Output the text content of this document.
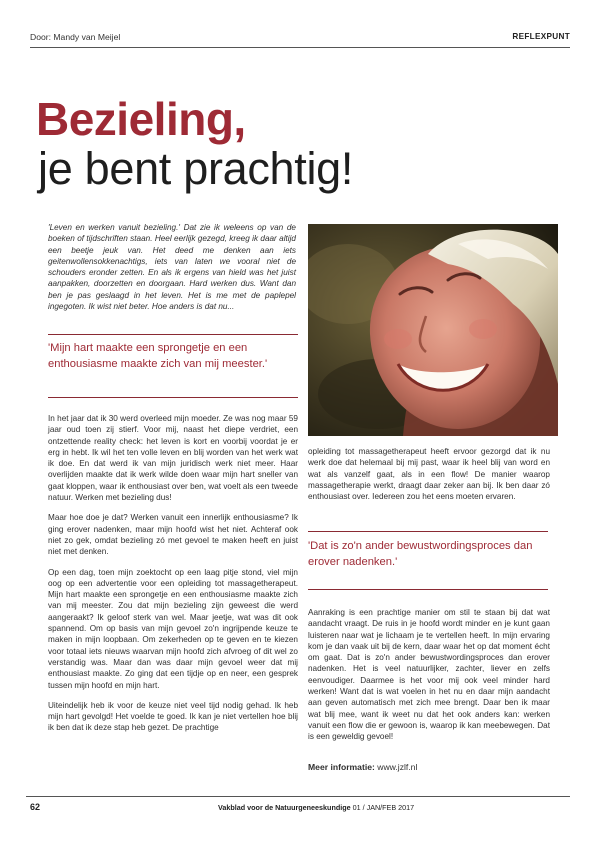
Door: Mandy van Meijel	REFLEXPUNT
Bezieling,
je bent prachtig!

'Leven en werken vanuit bezieling.' Dat zie ik weleens op van de boeken of tijdschriften staan. Heel eerlijk gezegd, kreeg ik daar altijd een beetje jeuk van. Het deed me denken aan iets geitenwollensokkenachtigs, iets van laten we vooral niet de schouders eronder zetten. En als ik ergens van hield was het juist aanpakken, doorzetten en doorgaan. Hard werken dus. Want dan ben je pas geslaagd in het leven. Het is me met de paplepel ingegoten. Ik wist niet beter. Hoe anders is dat nu...

'Mijn hart maakte een sprongetje en een enthousiasme maakte zich van mij meester.'

In het jaar dat ik 30 werd overleed mijn moeder. Ze was nog maar 59 jaar oud toen zij stierf. Voor mij, naast het diepe verdriet, een ontzettende reality check: het leven is kort en voorbij voordat je er erg in hebt. Ik wil het ten volle leven en blij worden van het werk wat ik doe. En dat werd ik van mijn juridisch werk niet meer. Haar overlijden maakte dat ik werk wilde doen waar mijn hart sneller van gaat kloppen, waar ik enthousiast over ben, wat voelt als een tweede natuur. Werken met bezieling dus!

Maar hoe doe je dat? Werken vanuit een innerlijk enthousiasme? Ik ging erover nadenken, maar mijn hoofd wist het niet. Achteraf ook niet zo gek, omdat bezieling zó met gevoel te maken heeft en juist niet met denken.

Op een dag, toen mijn zoektocht op een laag pitje stond, viel mijn oog op een advertentie voor een opleiding tot massagetherapeut. Mijn hart maakte een sprongetje en een enthousiasme maakte zich van mij meester. Zou dat mijn bezieling zijn geweest die werd aangeraakt? Ik geloof sterk van wel. Maar jeetje, wat was dit ook spannend. Om op basis van mijn gevoel zo'n ingrijpende keuze te maken in mijn loopbaan. Om zekerheden op te geven en te kiezen voor totaal iets nieuws waarvan mijn hoofd zich afvroeg of dit wel zo verstandig was. Maar dan was daar mijn gevoel weer dat mij enthousiast maakte. Zo ging dat een tijdje op en neer, een gesprek tussen mijn hoofd en mijn hart.

Uiteindelijk heb ik voor de keuze niet veel tijd nodig gehad. Ik heb mijn hart gevolgd! Het voelde te goed. Ik kan je niet vertellen hoe blij ik ben dat ik deze stap heb gezet. De prachtige

opleiding tot massagetherapeut heeft ervoor gezorgd dat ik nu werk doe dat helemaal bij mij past, waar ik heel blij van word en wat als vanzelf gaat, als in een flow! De manier waarop massagetherapie werkt, draagt daar zeker aan bij. Ik ben daar zó enthousiast over. Iedereen zou het eens moeten ervaren.

'Dat is zo'n ander bewustwordingsproces dan erover nadenken.'

Aanraking is een prachtige manier om stil te staan bij dat wat aandacht vraagt. De ruis in je hoofd wordt minder en je kunt gaan luisteren naar wat je lichaam je te vertellen heeft. In mijn ervaring kom je dan vaak uit bij de kern, daar waar het op dat moment écht om gaat. Dat is zo'n ander bewustwordingsproces dan erover nadenken. Het is veel natuurlijker, zachter, liever en zelfs eenvoudiger. Daarmee is het voor mij ook veel minder hard werken! Want dat is wat voelen in het nu en daar mijn aandacht aan geven automatisch met zich mee brengt. Daar ben ik maar wat blij mee, want ik weet nu dat het ook anders kan: werken vanuit een flow die er gewoon is, waarop ik kan meebewegen. Dat is een geweldig gevoel!

Meer informatie: www.jzlf.nl
62	Vakblad voor de Natuurgeneeskundige 01 / JAN/FEB 2017
